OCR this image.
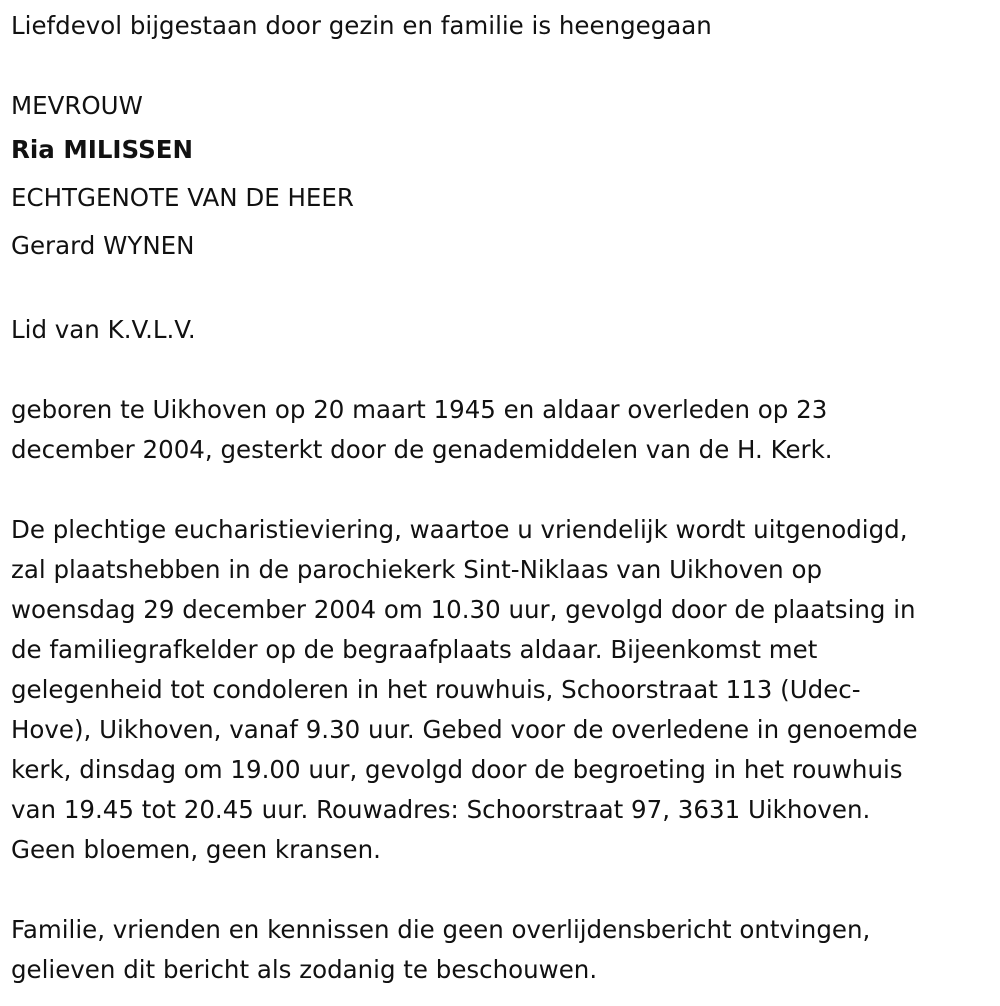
Liefdevol bijgestaan door gezin en familie is heengegaan
MEVROUW
Ria MILISSEN
ECHTGENOTE VAN DE HEER
Gerard WYNEN
Lid van K.V.L.V.
geboren te Uikhoven op 20 maart 1945 en aldaar overleden op 23
december 2004, gesterkt door de genademiddelen van de H. Kerk.
De plechtige eucharistieviering, waartoe u vriendelijk wordt uitgenodigd,
zal plaatshebben in de parochiekerk Sint-Niklaas van Uikhoven op
woensdag 29 december 2004 om 10.30 uur, gevolgd door de plaatsing in
de familiegrafkelder op de begraafplaats aldaar. Bijeenkomst met
gelegenheid tot condoleren in het rouwhuis, Schoorstraat 113 (Udec-
Hove), Uikhoven, vanaf 9.30 uur. Gebed voor de overledene in genoemde
kerk, dinsdag om 19.00 uur, gevolgd door de begroeting in het rouwhuis
van 19.45 tot 20.45 uur. Rouwadres: Schoorstraat 97, 3631 Uikhoven.
Geen bloemen, geen kransen.
Familie, vrienden en kennissen die geen overlijdensbericht ontvingen,
gelieven dit bericht als zodanig te beschouwen.
